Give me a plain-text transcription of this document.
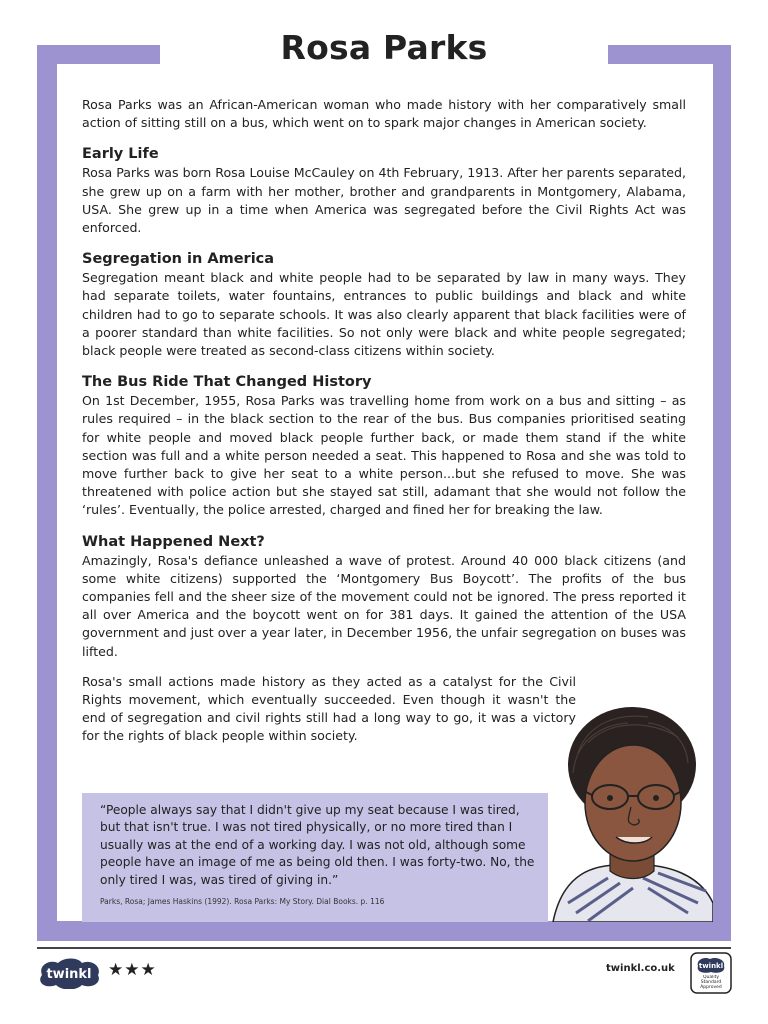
Rosa Parks

Rosa Parks was an African-American woman who made history with her comparatively small action of sitting still on a bus, which went on to spark major changes in American society.

Early Life

Rosa Parks was born Rosa Louise McCauley on 4th February, 1913. After her parents separated, she grew up on a farm with her mother, brother and grandparents in Montgomery, Alabama, USA. She grew up in a time when America was segregated before the Civil Rights Act was enforced.

Segregation in America

Segregation meant black and white people had to be separated by law in many ways. They had separate toilets, water fountains, entrances to public buildings and black and white children had to go to separate schools. It was also clearly apparent that black facilities were of a poorer standard than white facilities. So not only were black and white people segregated; black people were treated as second-class citizens within society.

The Bus Ride That Changed History

On 1st December, 1955, Rosa Parks was travelling home from work on a bus and sitting – as rules required – in the black section to the rear of the bus. Bus companies prioritised seating for white people and moved black people further back, or made them stand if the white section was full and a white person needed a seat. This happened to Rosa and she was told to move further back to give her seat to a white person...but she refused to move. She was threatened with police action but she stayed sat still, adamant that she would not follow the ‘rules’. Eventually, the police arrested, charged and fined her for breaking the law.

What Happened Next?

Amazingly, Rosa's defiance unleashed a wave of protest. Around 40 000 black citizens (and some white citizens) supported the ‘Montgomery Bus Boycott’. The profits of the bus companies fell and the sheer size of the movement could not be ignored. The press reported it all over America and the boycott went on for 381 days. It gained the attention of the USA government and just over a year later, in December 1956, the unfair segregation on buses was lifted.

Rosa's small actions made history as they acted as a catalyst for the Civil Rights movement, which eventually succeeded. Even though it wasn't the end of segregation and civil rights still had a long way to go, it was a victory for the rights of black people within society.

“People always say that I didn't give up my seat because I was tired, but that isn't true. I was not tired physically, or no more tired than I usually was at the end of a working day. I was not old, although some people have an image of me as being old then. I was forty-two. No, the only tired I was, was tired of giving in.”
Parks, Rosa; James Haskins (1992). Rosa Parks: My Story. Dial Books. p. 116
twinkl ★★★	twinkl.co.uk	twinkl
Quality Standard Approved
